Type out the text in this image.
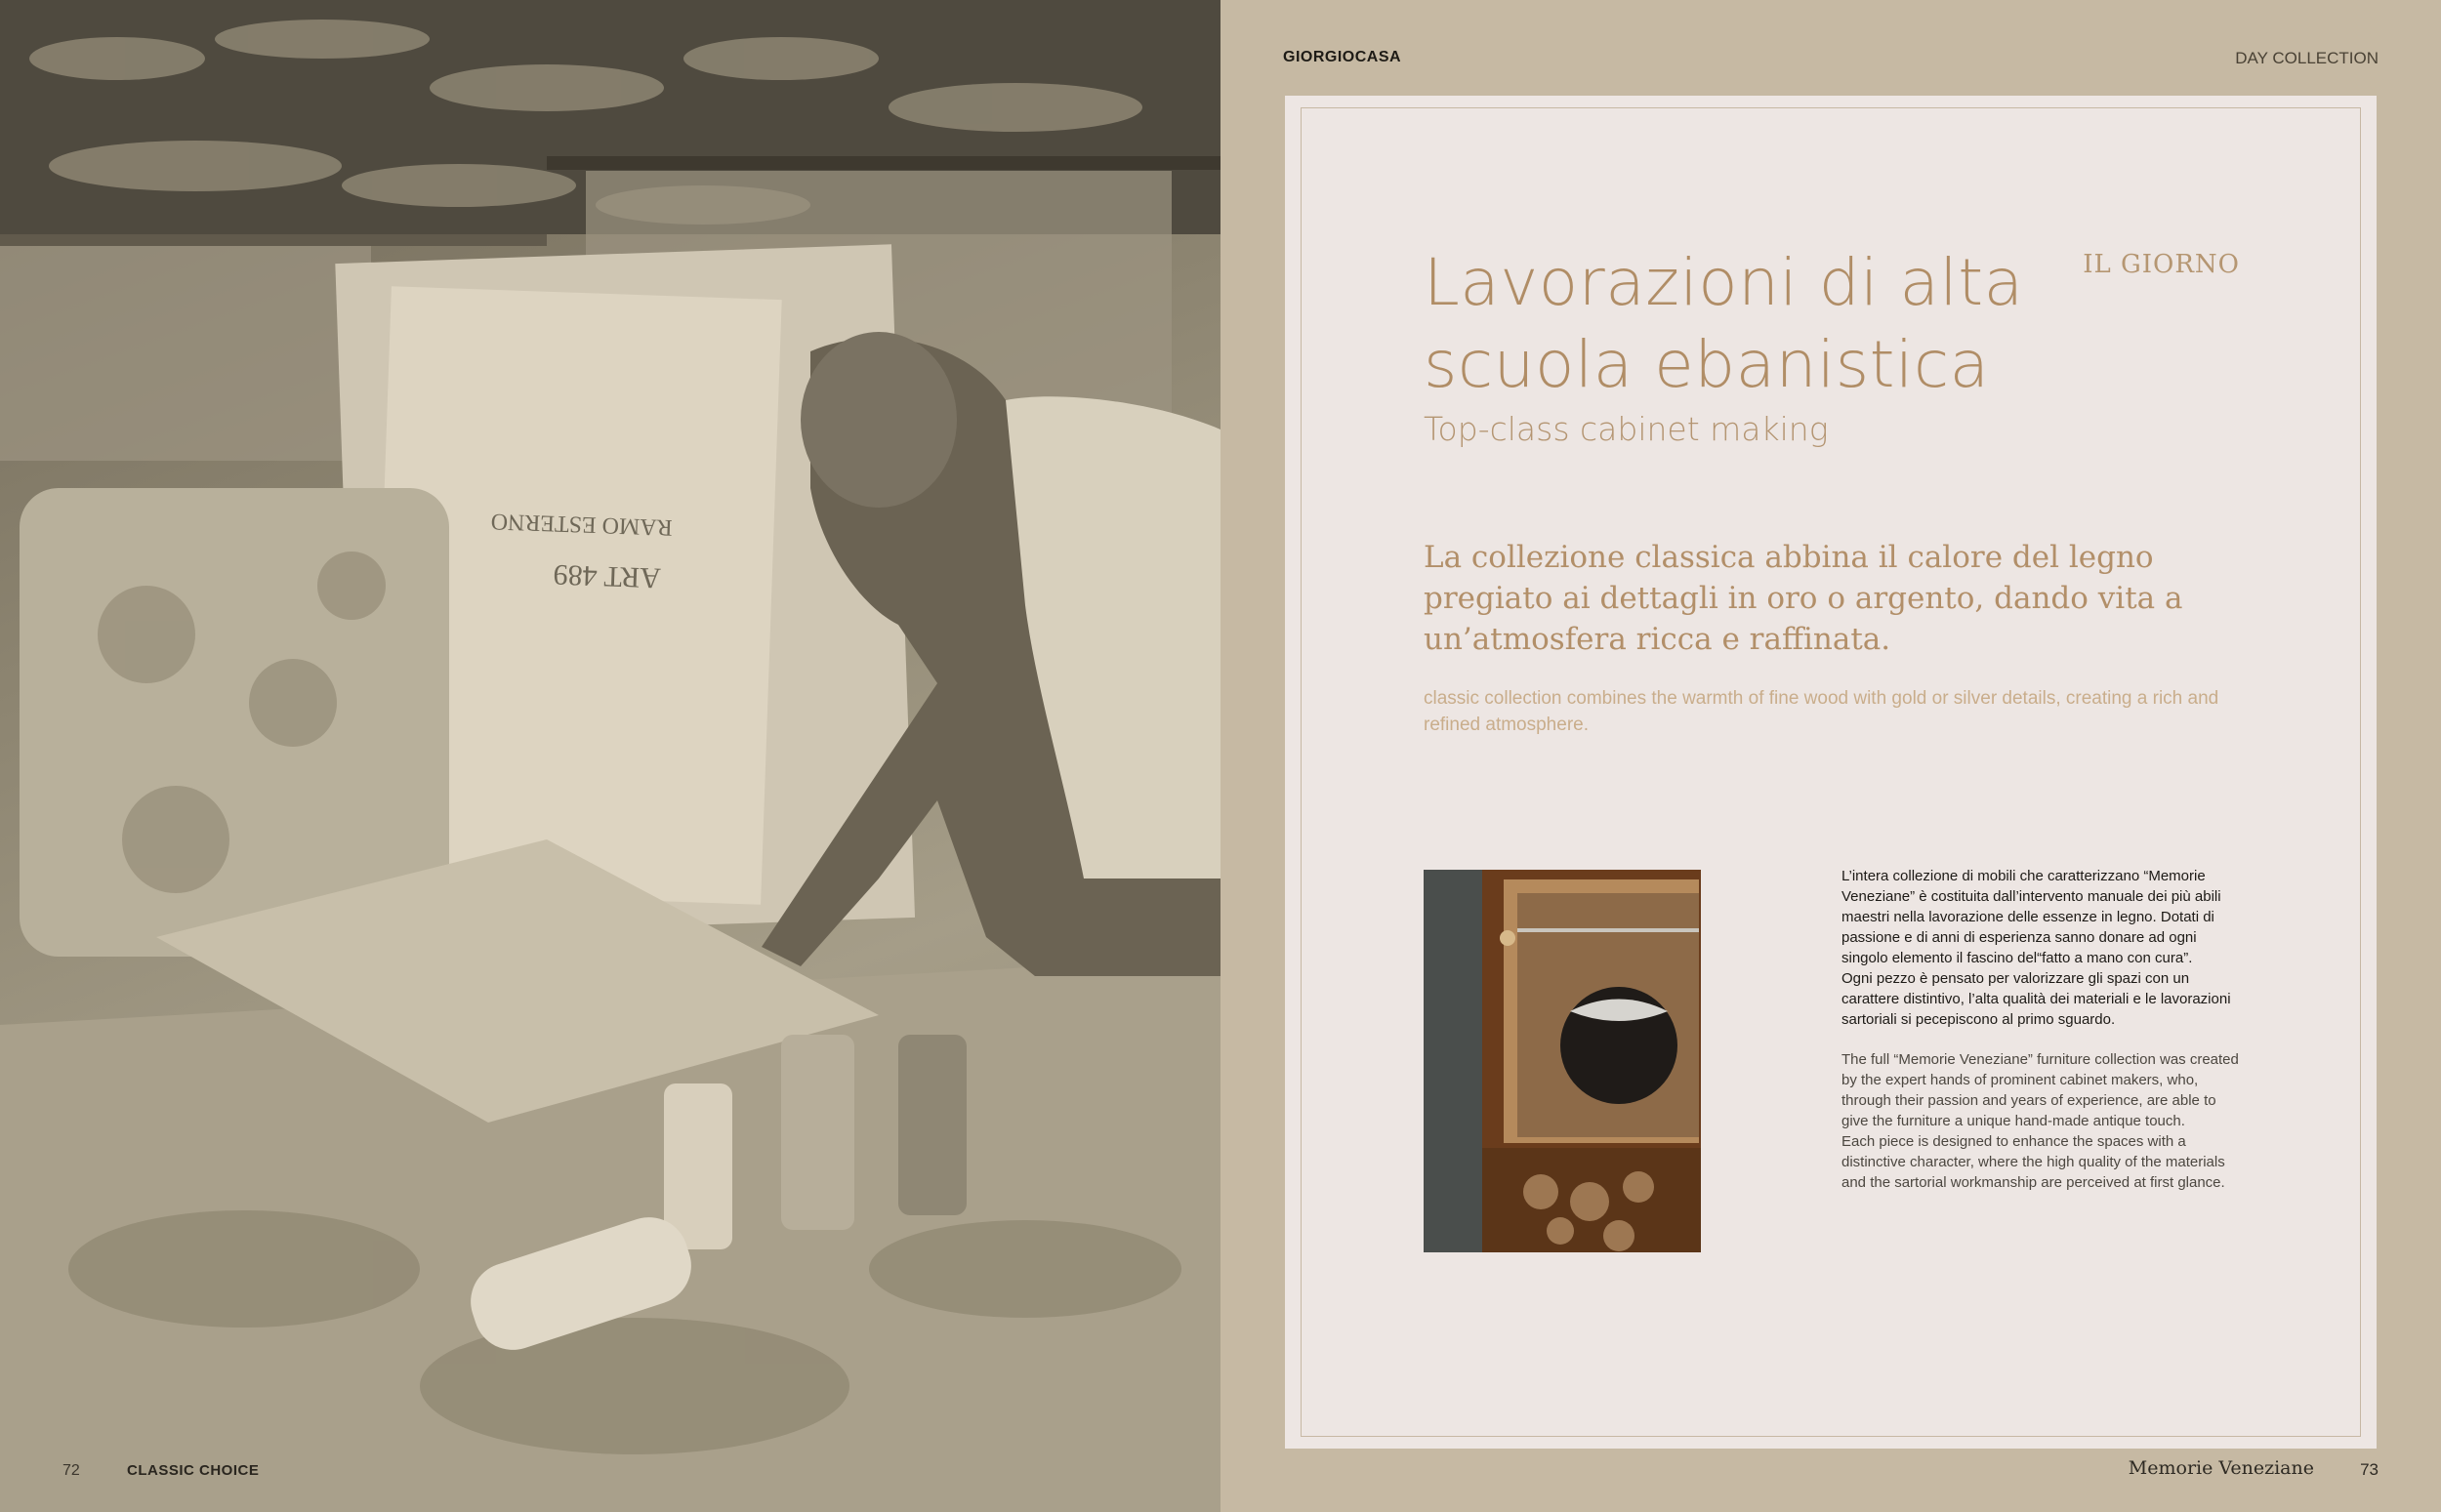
ART 489
RAMO ESTERNO
72	CLASSIC CHOICE
GIORGIOCASA	DAY COLLECTION
Lavorazioni di alta scuola ebanistica
IL GIORNO
Top-class cabinet making

La collezione classica abbina il calore del legno pregiato ai dettagli in oro o argento, dando vita a un’atmosfera ricca e raffinata.

classic collection combines the warmth of fine wood with gold or silver details, creating a rich and refined atmosphere.

L’intera collezione di mobili che caratterizzano “Memorie Veneziane” è costituita dall’intervento manuale dei più abili maestri nella lavorazione delle essenze in legno. Dotati di passione e di anni di esperienza sanno donare ad ogni singolo elemento il fascino del“fatto a mano con cura”.
Ogni pezzo è pensato per valorizzare gli spazi con un carattere distintivo, l’alta qualità dei materiali e le lavorazioni sartoriali si pecepiscono al primo sguardo.

The full “Memorie Veneziane” furniture collection was created by the expert hands of prominent cabinet makers, who, through their passion and years of experience, are able to give the furniture a unique hand-made antique touch.
Each piece is designed to enhance the spaces with a distinctive character, where the high quality of the materials and the sartorial workmanship are perceived at first glance.

Memorie Veneziane	73
